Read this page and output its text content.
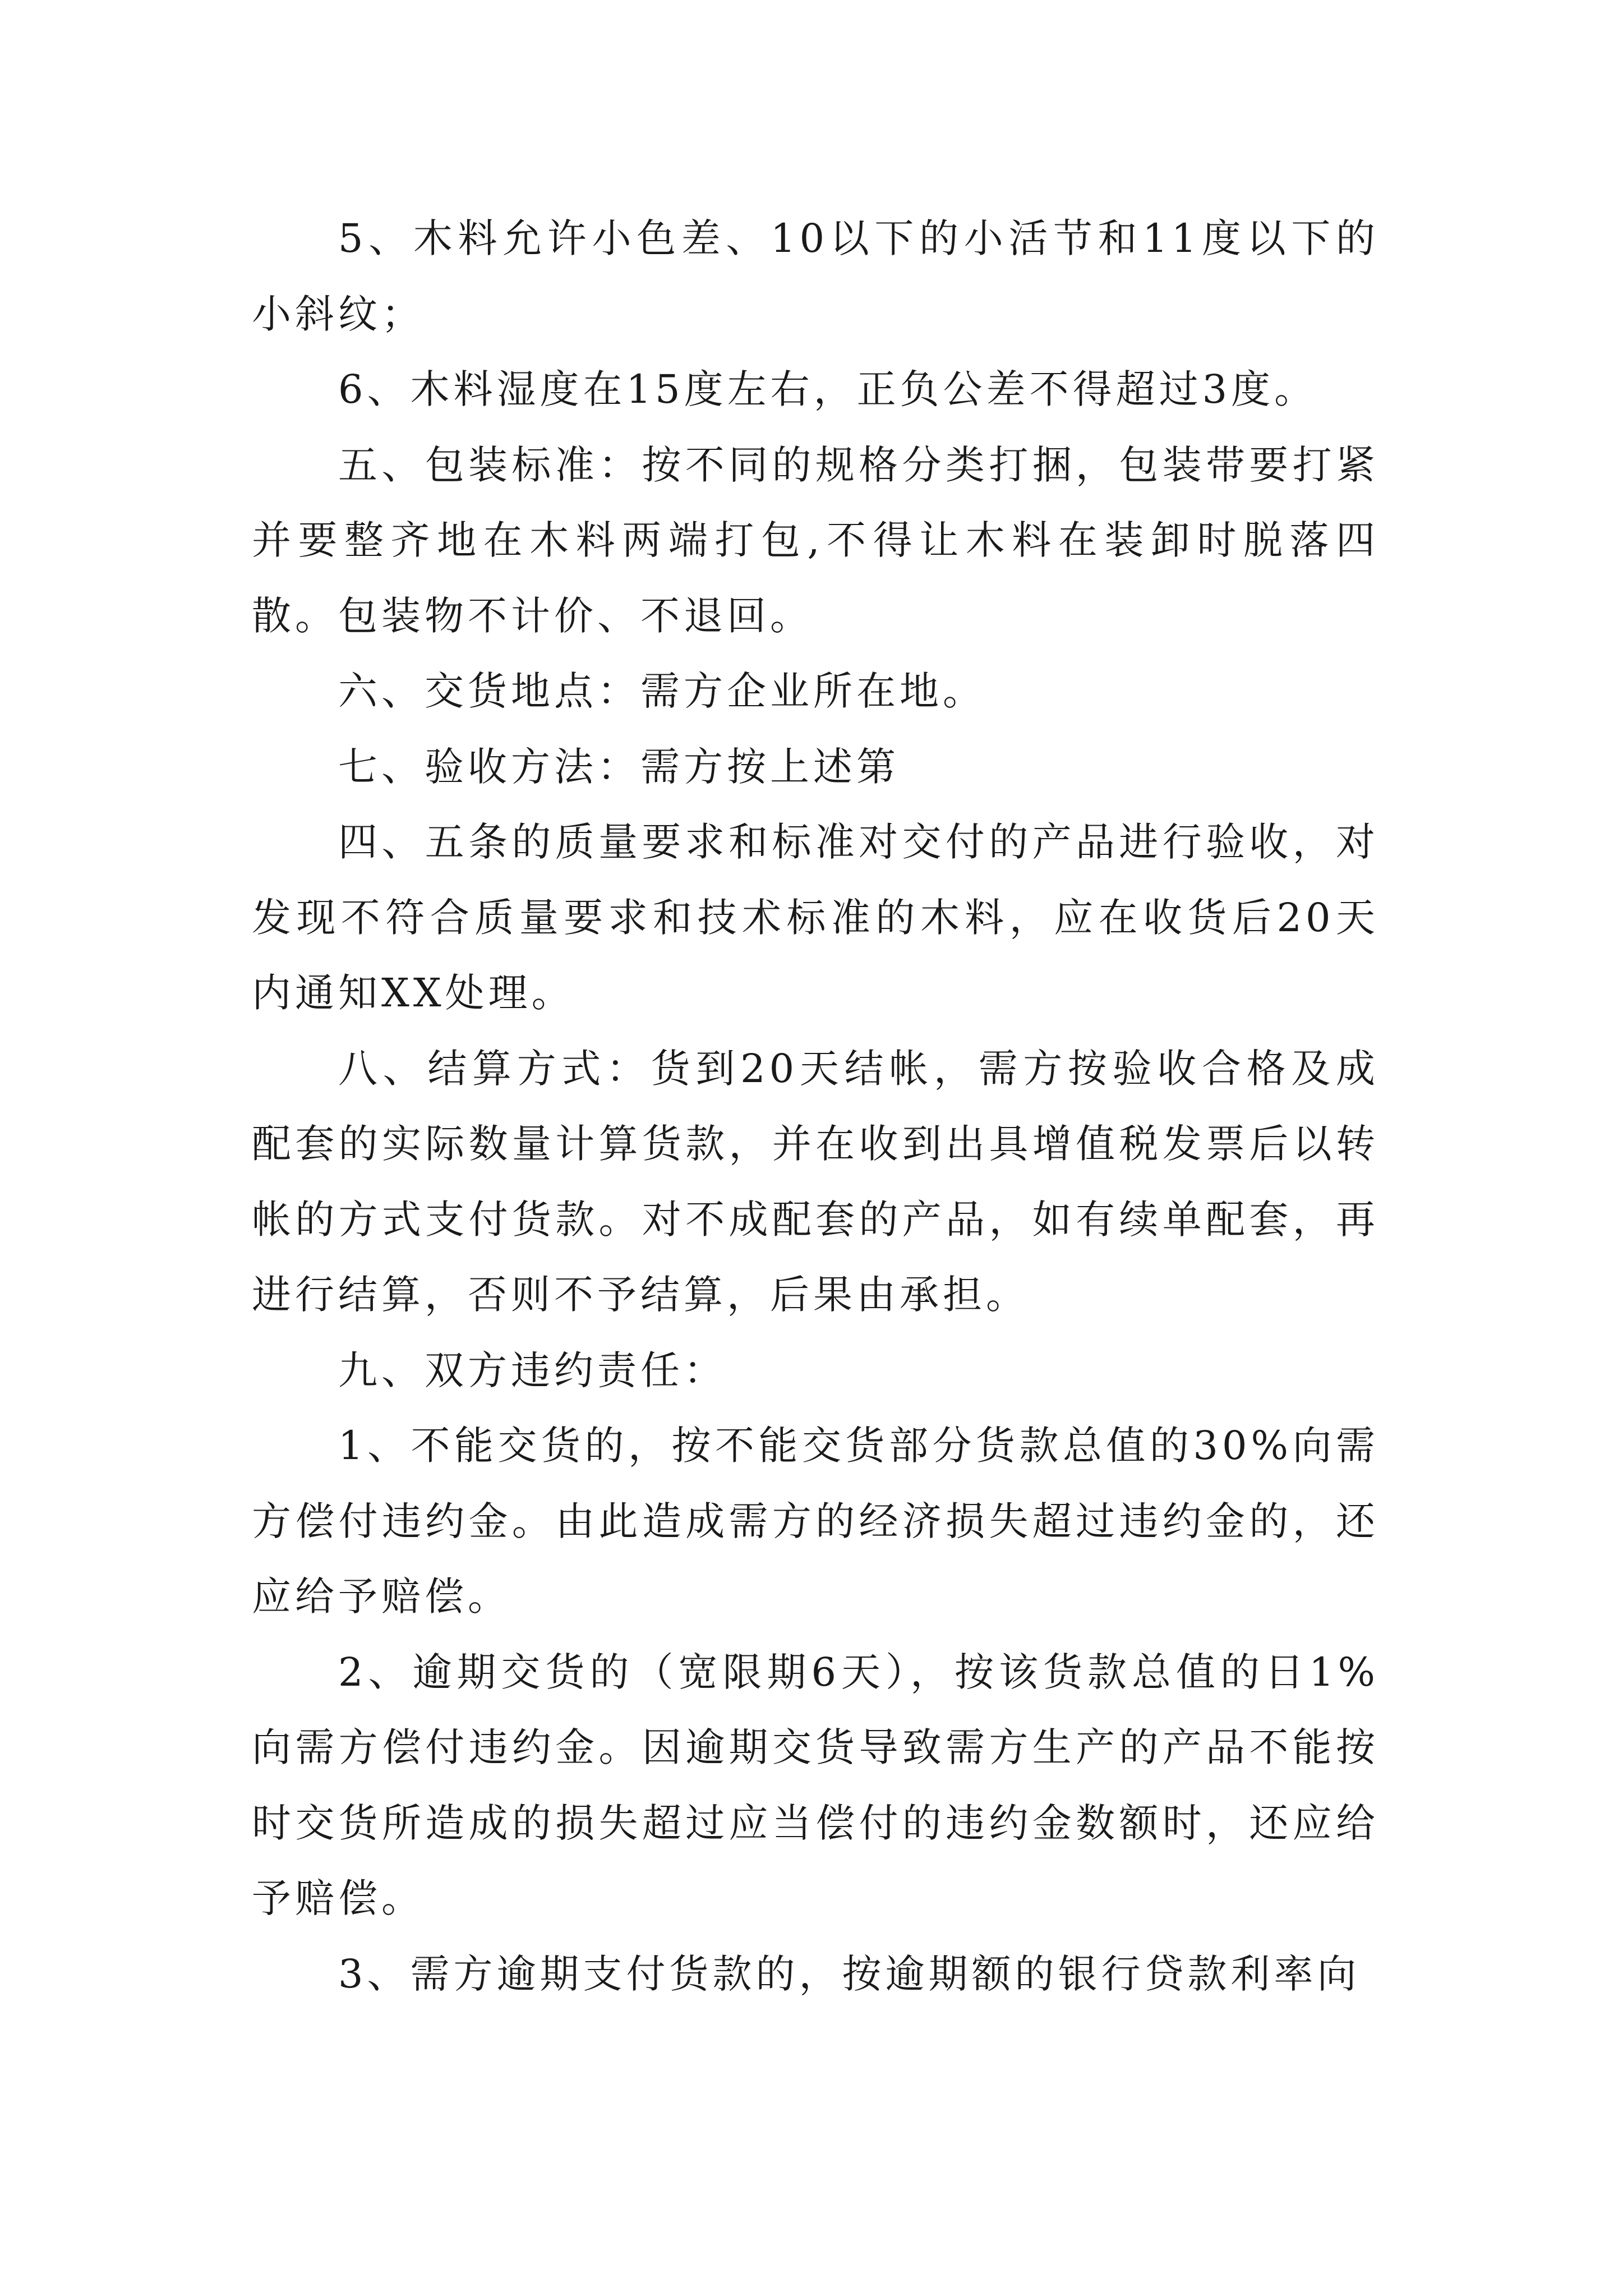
5、木料允许小色差、10以下的小活节和11度以下的小斜纹；

6、木料湿度在15度左右，正负公差不得超过3度。

五、包装标准：按不同的规格分类打捆，包装带要打紧并要整齐地在木料两端打包,不得让木料在装卸时脱落四散。包装物不计价、不退回。

六、交货地点：需方企业所在地。

七、验收方法：需方按上述第

四、五条的质量要求和标准对交付的产品进行验收，对发现不符合质量要求和技术标准的木料，应在收货后20天内通知XX处理。

八、结算方式：货到20天结帐，需方按验收合格及成配套的实际数量计算货款，并在收到出具增值税发票后以转帐的方式支付货款。对不成配套的产品，如有续单配套，再进行结算，否则不予结算，后果由承担。

九、双方违约责任：

1、不能交货的，按不能交货部分货款总值的30%向需方偿付违约金。由此造成需方的经济损失超过违约金的，还应给予赔偿。

2、逾期交货的（宽限期6天），按该货款总值的日1%向需方偿付违约金。因逾期交货导致需方生产的产品不能按时交货所造成的损失超过应当偿付的违约金数额时，还应给予赔偿。

3、需方逾期支付货款的，按逾期额的银行贷款利率向
